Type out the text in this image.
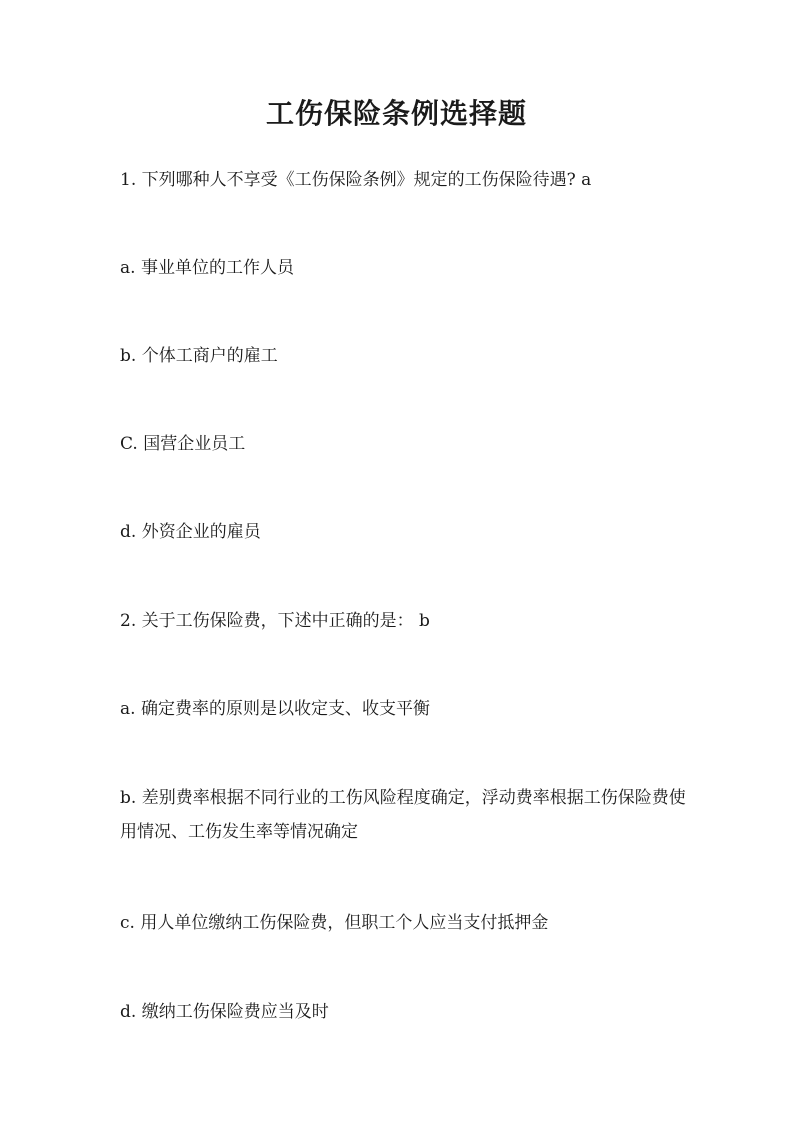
工伤保险条例选择题
1. 下列哪种人不享受《工伤保险条例》规定的工伤保险待遇? a
a. 事业单位的工作人员
b. 个体工商户的雇工
C. 国营企业员工
d. 外资企业的雇员
2. 关于工伤保险费，下述中正确的是： b
a. 确定费率的原则是以收定支、收支平衡
b. 差别费率根据不同行业的工伤风险程度确定，浮动费率根据工伤保险费使用情况、工伤发生率等情况确定
c. 用人单位缴纳工伤保险费，但职工个人应当支付抵押金
d. 缴纳工伤保险费应当及时
